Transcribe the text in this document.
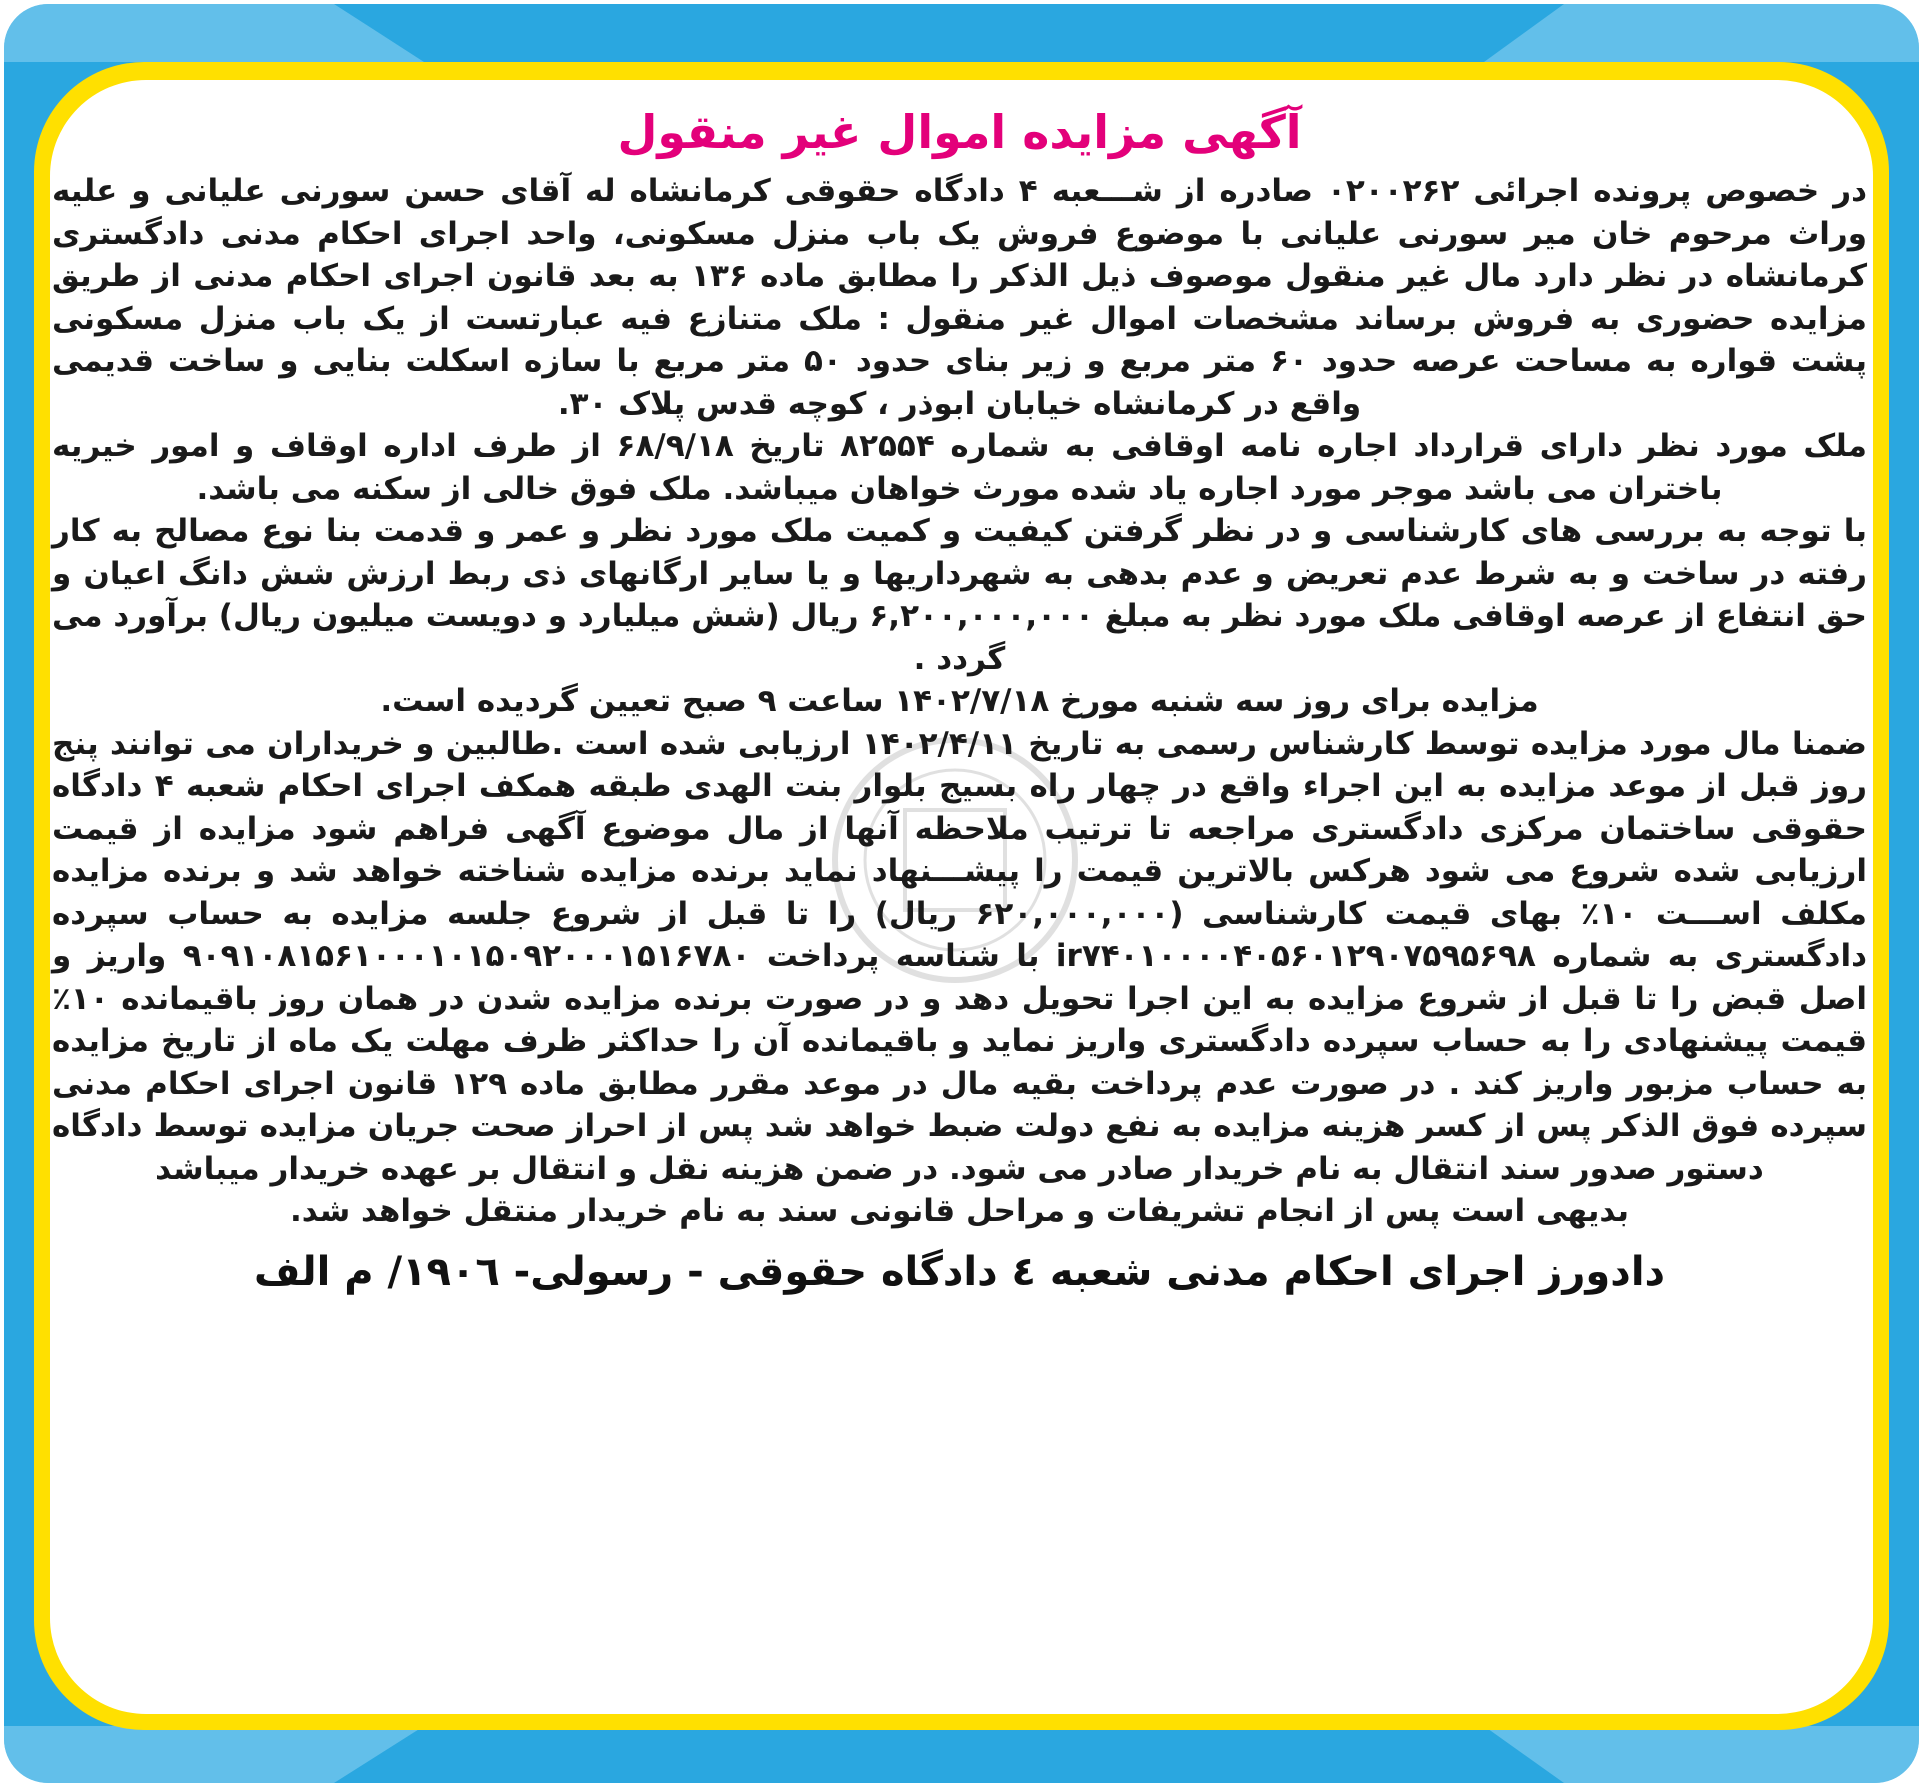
آگهی مزایده اموال غیر منقول

در خصوص پرونده اجرائی ۰۲۰۰۲۶۲ صادره از شـــعبه ۴ دادگاه حقوقی کرمانشاه له آقای حسن سورنی علیانی و علیه وراث مرحوم خان میر سورنی علیانی با موضوع فروش یک باب منزل مسکونی، واحد اجرای احکام مدنی دادگستری کرمانشاه در نظر دارد مال غیر منقول موصوف ذیل الذکر را مطابق ماده ۱۳۶ به بعد قانون اجرای احکام مدنی از طریق مزایده حضوری به فروش برساند مشخصات اموال غیر منقول : ملک متنازع فیه عبارتست از یک باب منزل مسکونی پشت قواره به مساحت عرصه حدود ۶۰ متر مربع و زیر بنای حدود ۵۰ متر مربع با سازه اسکلت بنایی و ساخت قدیمی واقع در کرمانشاه خیابان ابوذر ، کوچه قدس پلاک ۳۰.

ملک مورد نظر دارای قرارداد اجاره نامه اوقافی به شماره ۸۲۵۵۴ تاریخ ۶۸/۹/۱۸ از طرف اداره اوقاف و امور خیریه باختران می باشد موجر مورد اجاره یاد شده مورث خواهان میباشد. ملک فوق خالی از سکنه می باشد.

با توجه به بررسی های کارشناسی و در نظر گرفتن کیفیت و کمیت ملک مورد نظر و عمر و قدمت بنا نوع مصالح به کار رفته در ساخت و به شرط عدم تعریض و عدم بدهی به شهرداریها و یا سایر ارگانهای ذی ربط ارزش شش دانگ اعیان و حق انتفاع از عرصه اوقافی ملک مورد نظر به مبلغ ۶,۲۰۰,۰۰۰,۰۰۰ ریال (شش میلیارد و دویست میلیون ریال) برآورد می گردد .

مزایده برای روز سه شنبه مورخ ۱۴۰۲/۷/۱۸ ساعت ۹ صبح تعیین گردیده است.

ضمنا مال مورد مزایده توسط کارشناس رسمی به تاریخ ۱۴۰۲/۴/۱۱ ارزیابی شده است .طالبین و خریداران می توانند پنج روز قبل از موعد مزایده به این اجراء واقع در چهار راه بسیج بلوار بنت الهدی طبقه همکف اجرای احکام شعبه ۴ دادگاه حقوقی ساختمان مرکزی دادگستری مراجعه تا ترتیب ملاحظه آنها از مال موضوع آگهی فراهم شود مزایده از قیمت ارزیابی شده شروع می شود هرکس بالاترین قیمت را پیشـــنهاد نماید برنده مزایده شناخته خواهد شد و برنده مزایده مکلف اســـت ۱۰٪ بهای قیمت کارشناسی (۶۲۰,۰۰۰,۰۰۰ ریال) را تا قبل از شروع جلسه مزایده به حساب سپرده دادگستری به شماره ir۷۴۰۱۰۰۰۰۴۰۵۶۰۱۲۹۰۷۵۹۵۶۹۸ با شناسه پرداخت ۹۰۹۱۰۸۱۵۶۱۰۰۰۱۰۱۵۰۹۲۰۰۰۱۵۱۶۷۸۰ واریز و اصل قبض را تا قبل از شروع مزایده به این اجرا تحویل دهد و در صورت برنده مزایده شدن در همان روز باقیمانده ۱۰٪ قیمت پیشنهادی را به حساب سپرده دادگستری واریز نماید و باقیمانده آن را حداکثر ظرف مهلت یک ماه از تاریخ مزایده به حساب مزبور واریز کند . در صورت عدم پرداخت بقیه مال در موعد مقرر مطابق ماده ۱۲۹ قانون اجرای احکام مدنی سپرده فوق الذکر پس از کسر هزینه مزایده به نفع دولت ضبط خواهد شد پس از احراز صحت جریان مزایده توسط دادگاه دستور صدور سند انتقال به نام خریدار صادر می شود. در ضمن هزینه نقل و انتقال بر عهده خریدار میباشد

بدیهی است پس از انجام تشریفات و مراحل قانونی سند به نام خریدار منتقل خواهد شد.

دادورز اجرای احکام مدنی شعبه ٤ دادگاه حقوقی - رسولی- ۱۹۰٦/ م الف
